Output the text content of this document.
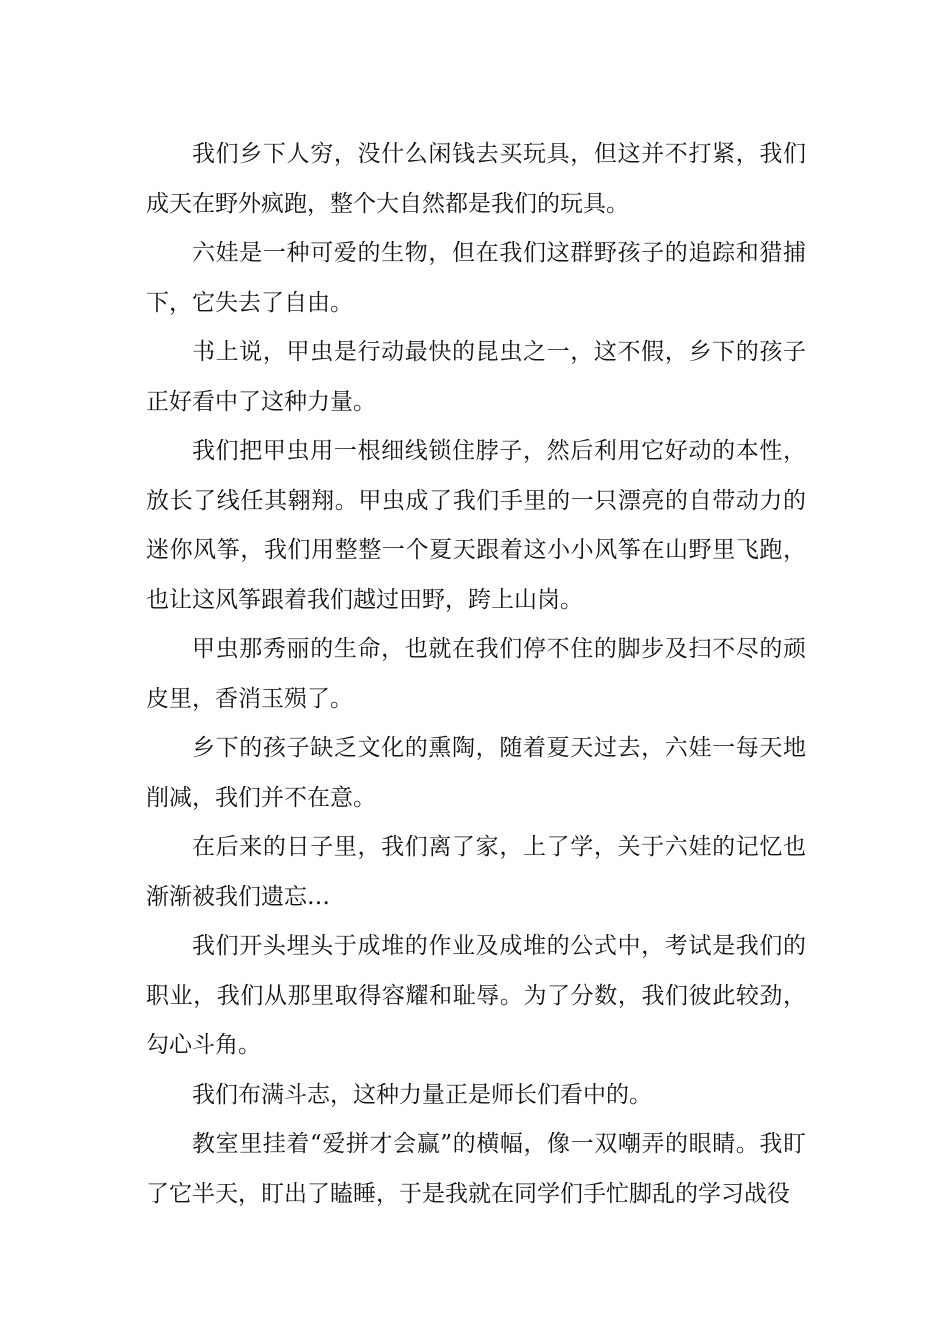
我们乡下人穷，没什么闲钱去买玩具，但这并不打紧，我们成天在野外疯跑，整个大自然都是我们的玩具。

六娃是一种可爱的生物，但在我们这群野孩子的追踪和猎捕下，它失去了自由。

书上说，甲虫是行动最快的昆虫之一，这不假，乡下的孩子正好看中了这种力量。

我们把甲虫用一根细线锁住脖子，然后利用它好动的本性，放长了线任其翱翔。甲虫成了我们手里的一只漂亮的自带动力的迷你风筝，我们用整整一个夏天跟着这小小风筝在山野里飞跑，也让这风筝跟着我们越过田野，跨上山岗。

甲虫那秀丽的生命，也就在我们停不住的脚步及扫不尽的顽皮里，香消玉殒了。

乡下的孩子缺乏文化的熏陶，随着夏天过去，六娃一每天地削减，我们并不在意。

在后来的日子里，我们离了家，上了学，关于六娃的记忆也渐渐被我们遗忘…

我们开头埋头于成堆的作业及成堆的公式中，考试是我们的职业，我们从那里取得容耀和耻辱。为了分数，我们彼此较劲，勾心斗角。

我们布满斗志，这种力量正是师长们看中的。

教室里挂着“爱拼才会赢”的横幅，像一双嘲弄的眼睛。我盯了它半天，盯出了瞌睡，于是我就在同学们手忙脚乱的学习战役
